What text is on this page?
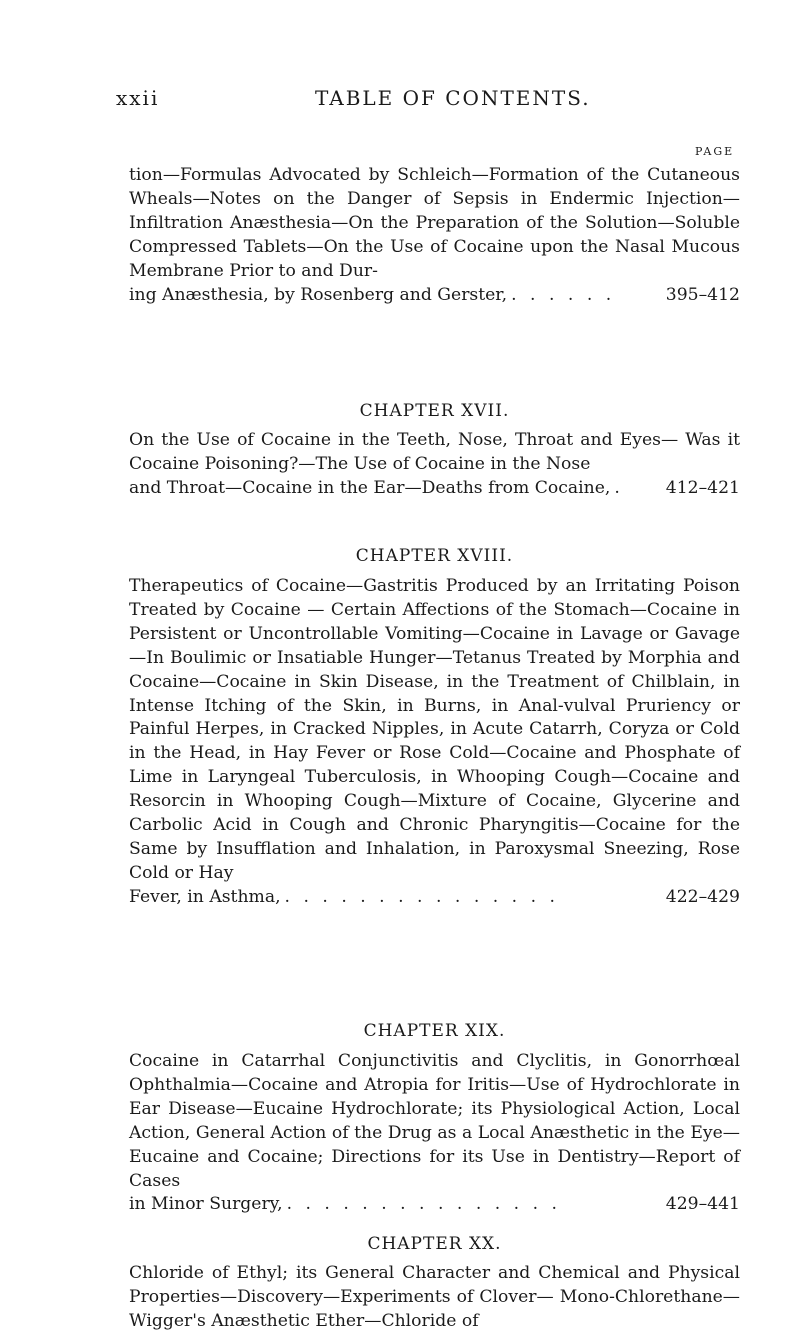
xxii	TABLE OF CONTENTS.
PAGE
tion—Formulas Advocated by Schleich—Formation of the Cutaneous Wheals—Notes on the Danger of Sepsis in Endermic Injection—Infiltration Anæsthesia—On the Preparation of the Solution—Soluble Compressed Tablets—On the Use of Cocaine upon the Nasal Mucous Membrane Prior to and Dur-
ing Anæsthesia, by Rosenberg and Gerster, . . . . . .	395–412
CHAPTER XVII.
On the Use of Cocaine in the Teeth, Nose, Throat and Eyes— Was it Cocaine Poisoning?—The Use of Cocaine in the Nose
and Throat—Cocaine in the Ear—Deaths from Cocaine, .	412–421
CHAPTER XVIII.
Therapeutics of Cocaine—Gastritis Produced by an Irritating Poison Treated by Cocaine — Certain Affections of the Stomach—Cocaine in Persistent or Uncontrollable Vomiting—Cocaine in Lavage or Gavage—In Boulimic or Insatiable Hunger—Tetanus Treated by Morphia and Cocaine—Cocaine in Skin Disease, in the Treatment of Chilblain, in Intense Itching of the Skin, in Burns, in Anal-vulval Pruriency or Painful Herpes, in Cracked Nipples, in Acute Catarrh, Coryza or Cold in the Head, in Hay Fever or Rose Cold—Cocaine and Phosphate of Lime in Laryngeal Tuberculosis, in Whooping Cough—Cocaine and Resorcin in Whooping Cough—Mixture of Cocaine, Glycerine and Carbolic Acid in Cough and Chronic Pharyngitis—Cocaine for the Same by Insufflation and Inhalation, in Paroxysmal Sneezing, Rose Cold or Hay
Fever, in Asthma, . . . . . . . . . . . . . . .	422–429
CHAPTER XIX.
Cocaine in Catarrhal Conjunctivitis and Clyclitis, in Gonorrhœal Ophthalmia—Cocaine and Atropia for Iritis—Use of Hydrochlorate in Ear Disease—Eucaine Hydrochlorate; its Physiological Action, Local Action, General Action of the Drug as a Local Anæsthetic in the Eye—Eucaine and Cocaine; Directions for its Use in Dentistry—Report of Cases
in Minor Surgery, . . . . . . . . . . . . . . .	429–441
CHAPTER XX.
Chloride of Ethyl; its General Character and Chemical and Physical Properties—Discovery—Experiments of Clover— Mono-Chlorethane—Wigger's Anæsthetic Ether—Chloride of
